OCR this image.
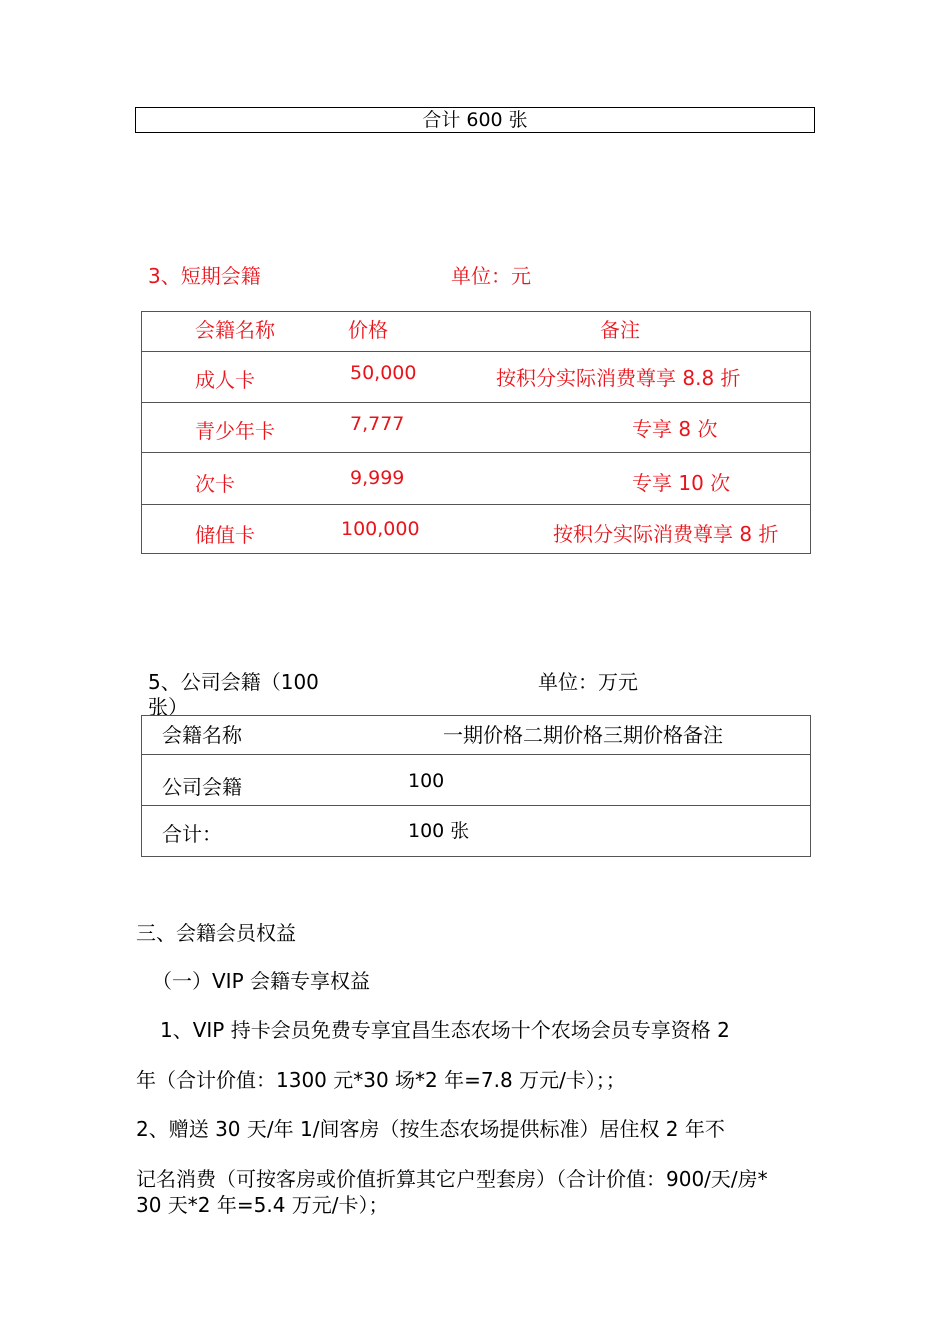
合计 600 张
3、短期会籍	单位：元
会籍名称	价格	备注
成人卡	50,000	按积分实际消费尊享 8.8 折
青少年卡	7,777	专享 8 次
次卡	9,999	专享 10 次
储值卡	100,000	按积分实际消费尊享 8 折
5、公司会籍（100
张）
单位：万元
会籍名称	一期价格二期价格三期价格备注
公司会籍	100
合计：	100 张
三、会籍会员权益
（一）VIP 会籍专享权益
1、VIP 持卡会员免费专享宜昌生态农场十个农场会员专享资格 2
年（合计价值：1300 元*30 场*2 年=7.8 万元/卡）；；
2、赠送 30 天/年 1/间客房（按生态农场提供标准）居住权 2 年不
记名消费（可按客房或价值折算其它户型套房）（合计价值：900/天/房*
30 天*2 年=5.4 万元/卡）；
